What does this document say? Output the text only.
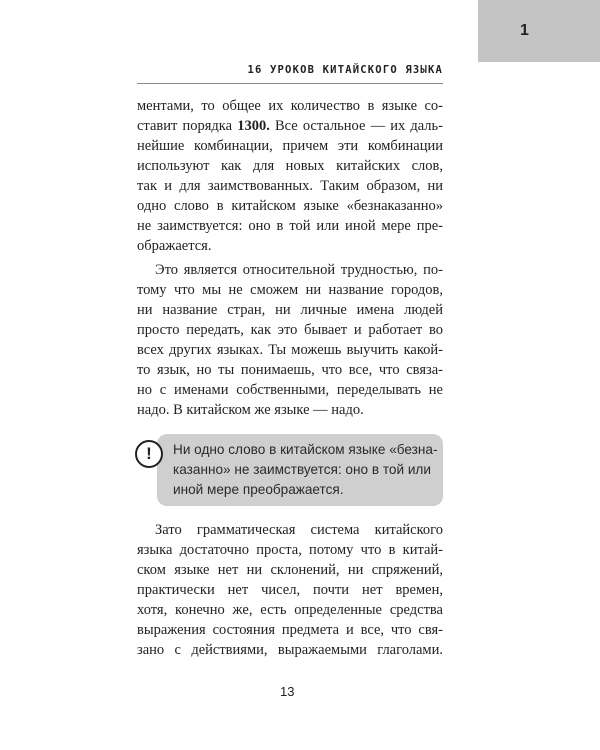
1
16 УРОКОВ КИТАЙСКОГО ЯЗЫКА
ментами, то общее их количество в языке со-
ставит порядка 1300. Все остальное — их даль-
нейшие комбинации, причем эти комбинации
используют как для новых китайских слов,
так и для заимствованных. Таким образом, ни
одно слово в китайском языке «безнаказанно»
не заимствуется: оно в той или иной мере пре-
ображается.
Это является относительной трудностью, по-
тому что мы не сможем ни название городов,
ни название стран, ни личные имена людей
просто передать, как это бывает и работает во
всех других языках. Ты можешь выучить какой-
то язык, но ты понимаешь, что все, что связа-
но с именами собственными, переделывать не
надо. В китайском же языке — надо.

Ни одно слово в китайском языке «безна-
казанно» не заимствуется: оно в той или
иной мере преображается.

!
Зато грамматическая система китайского
языка достаточно проста, потому что в китай-
ском языке нет ни склонений, ни спряжений,
практически нет чисел, почти нет времен,
хотя, конечно же, есть определенные средства
выражения состояния предмета и все, что свя-
зано с действиями, выражаемыми глаголами.
13
